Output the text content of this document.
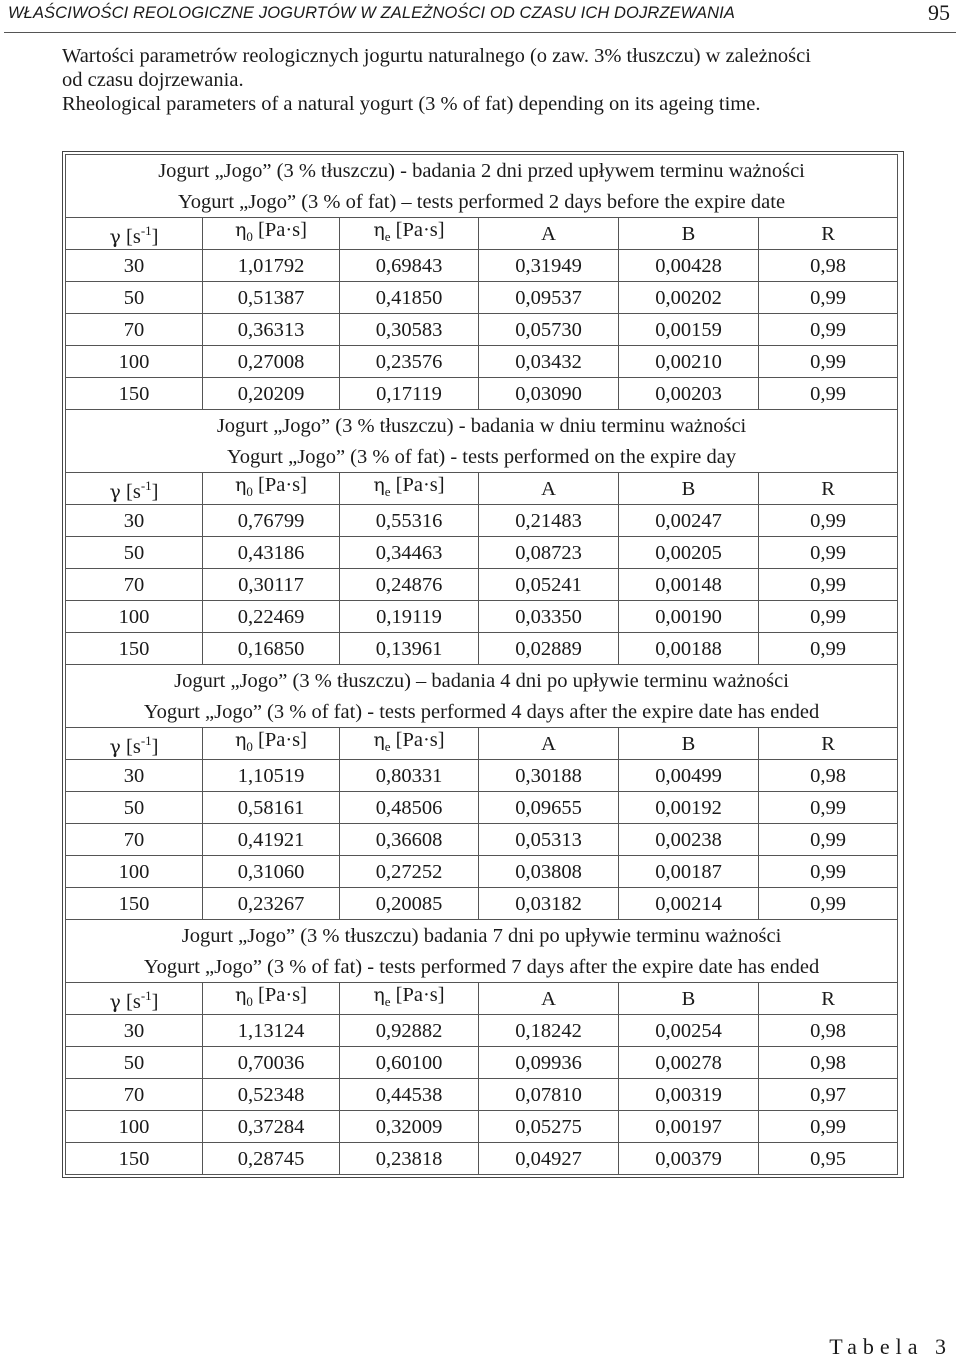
WŁAŚCIWOŚCI REOLOGICZNE JOGURTÓW W ZALEŻNOŚCI OD CZASU ICH DOJRZEWANIA	95
Wartości parametrów reologicznych jogurtu naturalnego (o zaw. 3% tłuszczu) w zależności
od czasu dojrzewania.
Rheological parameters of a natural yogurt (3 % of fat) depending on its ageing time.
Jogurt „Jogo” (3 % tłuszczu) - badania 2 dni przed upływem terminu ważności					
Yogurt „Jogo” (3 % of fat) – tests performed 2 days before the expire date					
γ $[s^{-1}]$	$\eta_0$ [Pa·s]	$\eta_e$ [Pa·s]	A	B	R
30	1,01792	0,69843	0,31949	0,00428	0,98
50	0,51387	0,41850	0,09537	0,00202	0,99
70	0,36313	0,30583	0,05730	0,00159	0,99
100	0,27008	0,23576	0,03432	0,00210	0,99
150	0,20209	0,17119	0,03090	0,00203	0,99
Jogurt „Jogo” (3 % tłuszczu) - badania w dniu terminu ważności					
Yogurt „Jogo” (3 % of fat) - tests performed on the expire day					
γ $[s^{-1}]$	$\eta_0$ [Pa·s]	$\eta_e$ [Pa·s]	A	B	R
30	0,76799	0,55316	0,21483	0,00247	0,99
50	0,43186	0,34463	0,08723	0,00205	0,99
70	0,30117	0,24876	0,05241	0,00148	0,99
100	0,22469	0,19119	0,03350	0,00190	0,99
150	0,16850	0,13961	0,02889	0,00188	0,99
Jogurt „Jogo” (3 % tłuszczu) – badania 4 dni po upływie terminu ważności					
Yogurt „Jogo” (3 % of fat) - tests performed 4 days after the expire date has ended					
γ $[s^{-1}]$	$\eta_0$ [Pa·s]	$\eta_e$ [Pa·s]	A	B	R
30	1,10519	0,80331	0,30188	0,00499	0,98
50	0,58161	0,48506	0,09655	0,00192	0,99
70	0,41921	0,36608	0,05313	0,00238	0,99
100	0,31060	0,27252	0,03808	0,00187	0,99
150	0,23267	0,20085	0,03182	0,00214	0,99
Jogurt „Jogo” (3 % tłuszczu) badania 7 dni po upływie terminu ważności					
Yogurt „Jogo” (3 % of fat) - tests performed 7 days after the expire date has ended					
γ $[s^{-1}]$	$\eta_0$ [Pa·s]	$\eta_e$ [Pa·s]	A	B	R
30	1,13124	0,92882	0,18242	0,00254	0,98
50	0,70036	0,60100	0,09936	0,00278	0,98
70	0,52348	0,44538	0,07810	0,00319	0,97
100	0,37284	0,32009	0,05275	0,00197	0,99
150	0,28745	0,23818	0,04927	0,00379	0,95
Tabela 3
